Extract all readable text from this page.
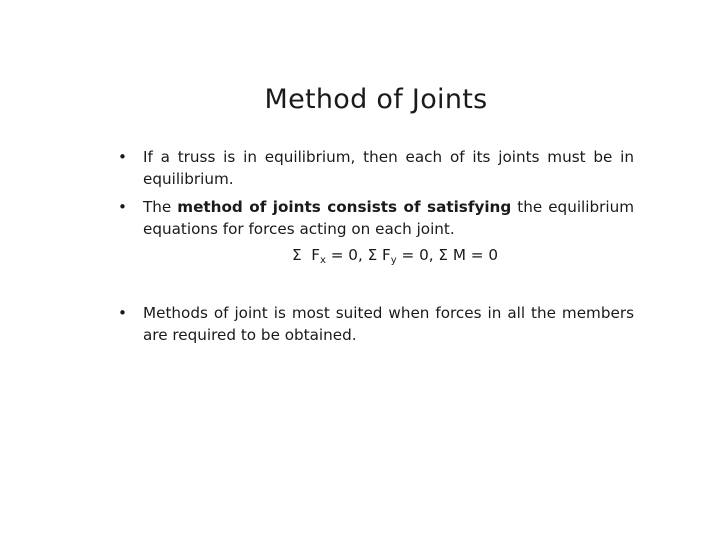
Method of Joints

• If a truss is in equilibrium, then each of its joints must be in equilibrium.

• The method of joints consists of satisfying the equilibrium equations for forces acting on each joint.

Σ Fx = 0, Σ Fy = 0, Σ M = 0

• Methods of joint is most suited when forces in all the members are required to be obtained.
